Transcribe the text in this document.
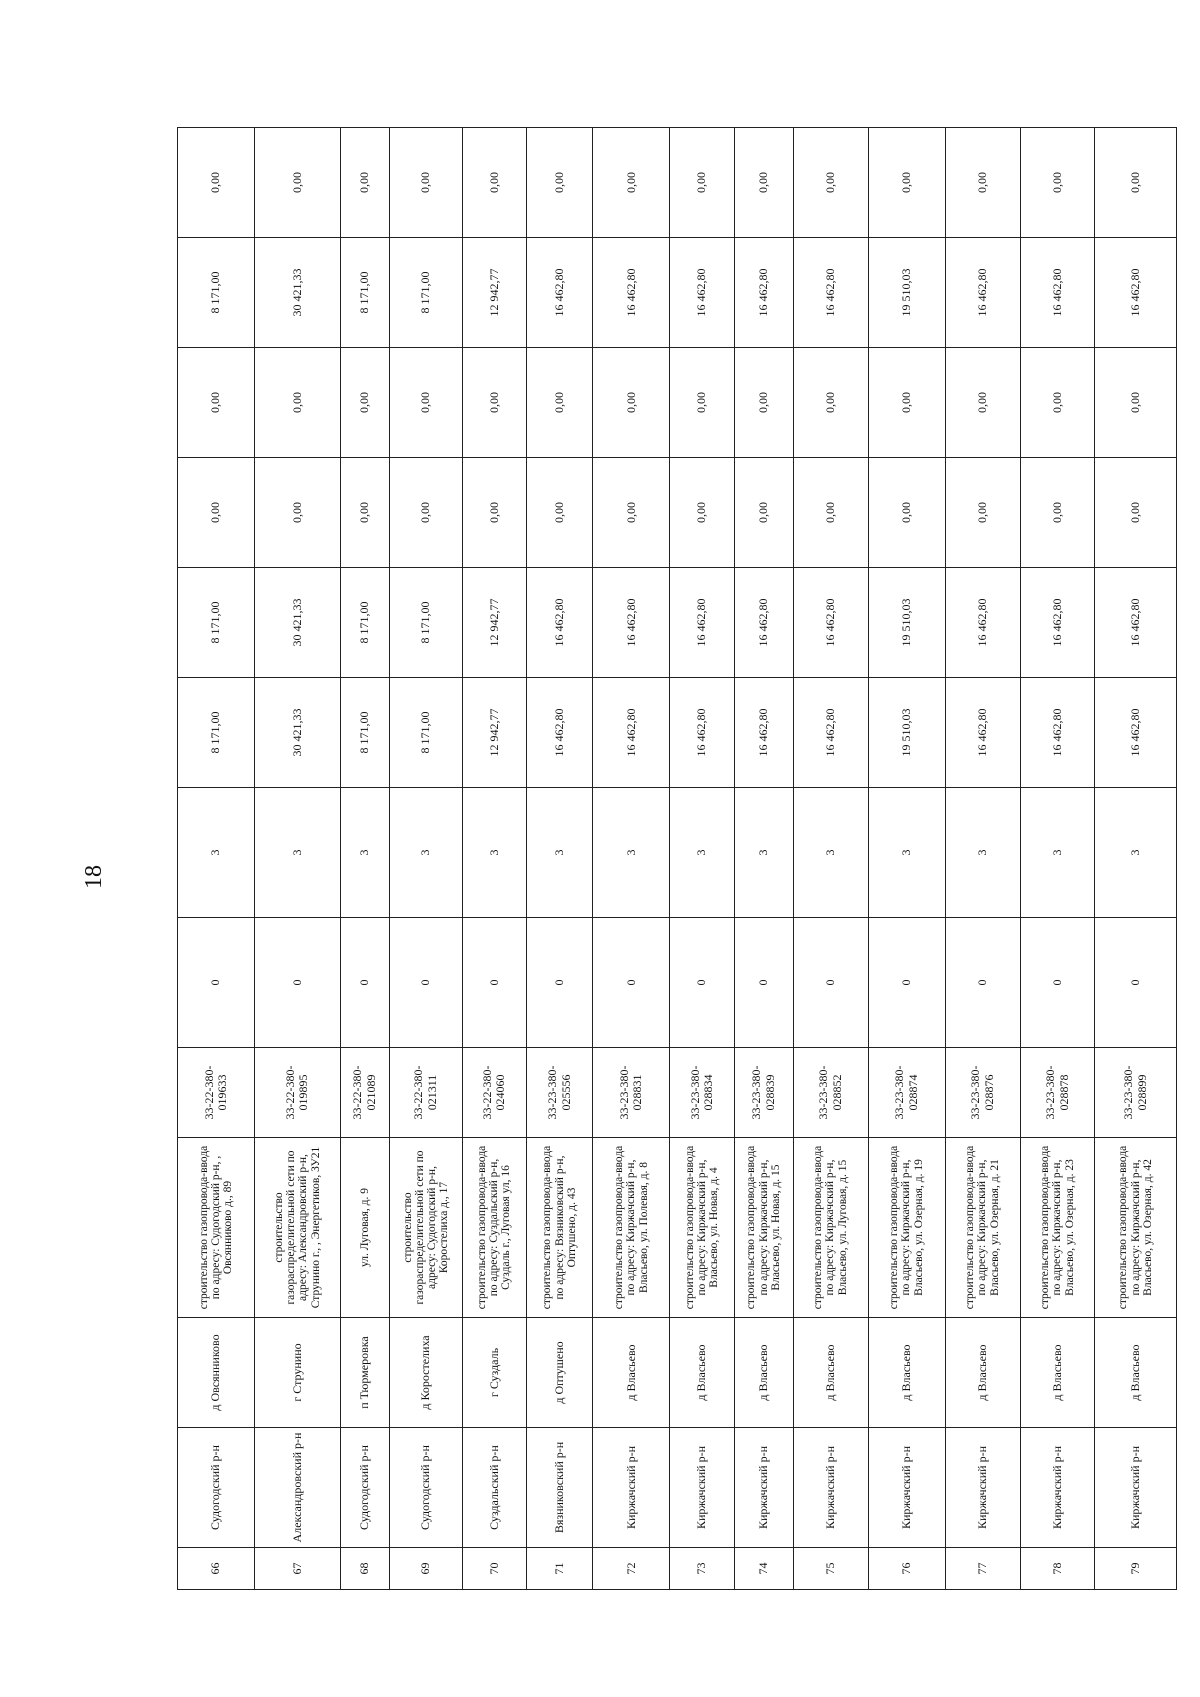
18
66	Судогодский р-н	д Овсянниково	строительство газопровода-ввода по адресу: Судогодский р-н, , Овсянниково д., 89	33-22-380-019633	0	3	8 171,00	8 171,00	0,00	0,00	8 171,00	0,00
67	Александровский р-н	г Струнино	строительство газораспределительной сети по адресу: Александровский р-н, Струнино г., , Энергетиков, ЗУ21	33-22-380-019895	0	3	30 421,33	30 421,33	0,00	0,00	30 421,33	0,00
68	Судогодский р-н	п Тюрмеровка	ул. Луговая, д. 9	33-22-380-021089	0	3	8 171,00	8 171,00	0,00	0,00	8 171,00	0,00
69	Судогодский р-н	д Коростелиха	строительство газораспределительной сети по адресу: Судогодский р-н, Коростелиха д., 17	33-22-380-021311	0	3	8 171,00	8 171,00	0,00	0,00	8 171,00	0,00
70	Суздальский р-н	г Суздаль	строительство газопровода-ввода по адресу: Суздальский р-н, Суздаль г., Луговая ул, 16	33-22-380-024060	0	3	12 942,77	12 942,77	0,00	0,00	12 942,77	0,00
71	Вязниковский р-н	д Оптушено	строительство газопровода-ввода по адресу: Вязниковский р-н, Оптушено, д. 43	33-23-380-025556	0	3	16 462,80	16 462,80	0,00	0,00	16 462,80	0,00
72	Киржачский р-н	д Власьево	строительство газопровода-ввода по адресу: Киржачский р-н, Власьево, ул. Полевая, д. 8	33-23-380-028831	0	3	16 462,80	16 462,80	0,00	0,00	16 462,80	0,00
73	Киржачский р-н	д Власьево	строительство газопровода-ввода по адресу: Киржачский р-н, Власьево, ул. Новая, д. 4	33-23-380-028834	0	3	16 462,80	16 462,80	0,00	0,00	16 462,80	0,00
74	Киржачский р-н	д Власьево	строительство газопровода-ввода по адресу: Киржачский р-н, Власьево, ул. Новая, д. 15	33-23-380-028839	0	3	16 462,80	16 462,80	0,00	0,00	16 462,80	0,00
75	Киржачский р-н	д Власьево	строительство газопровода-ввода по адресу: Киржачский р-н, Власьево, ул. Луговая, д. 15	33-23-380-028852	0	3	16 462,80	16 462,80	0,00	0,00	16 462,80	0,00
76	Киржачский р-н	д Власьево	строительство газопровода-ввода по адресу: Киржачский р-н, Власьево, ул. Озерная, д. 19	33-23-380-028874	0	3	19 510,03	19 510,03	0,00	0,00	19 510,03	0,00
77	Киржачский р-н	д Власьево	строительство газопровода-ввода по адресу: Киржачский р-н, Власьево, ул. Озерная, д. 21	33-23-380-028876	0	3	16 462,80	16 462,80	0,00	0,00	16 462,80	0,00
78	Киржачский р-н	д Власьево	строительство газопровода-ввода по адресу: Киржачский р-н, Власьево, ул. Озерная, д. 23	33-23-380-028878	0	3	16 462,80	16 462,80	0,00	0,00	16 462,80	0,00
79	Киржачский р-н	д Власьево	строительство газопровода-ввода по адресу: Киржачский р-н, Власьево, ул. Озерная, д. 42	33-23-380-028899	0	3	16 462,80	16 462,80	0,00	0,00	16 462,80	0,00
